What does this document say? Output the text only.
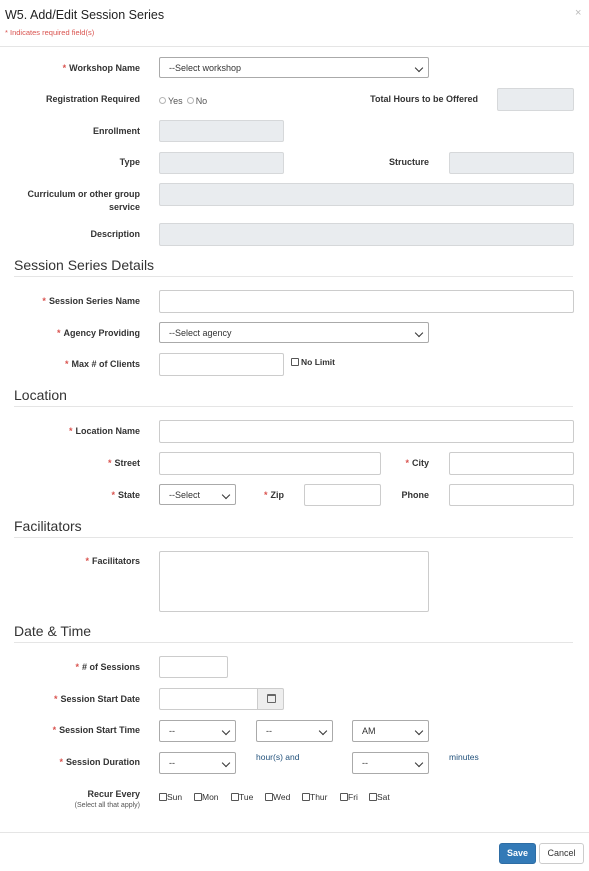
W5. Add/Edit Session Series
* Indicates required field(s)
×
* Workshop Name	--Select workshop
Registration Required	Yes No	Total Hours to be Offered
Enrollment
Type	Structure
Curriculum or other group
service
Description
Session Series Details
* Session Series Name
* Agency Providing	--Select agency
* Max # of Clients	No Limit
Location
* Location Name
* Street	* City
* State	--Select	* Zip	Phone
Facilitators
* Facilitators
Date & Time
* # of Sessions
* Session Start Date
* Session Start Time	--	--	AM
* Session Duration	--
hour(s) and
--
minutes
Recur Every
(Select all that apply)
Sun	Mon	Tue	Wed	Thur	Fri	Sat
Save	Cancel
